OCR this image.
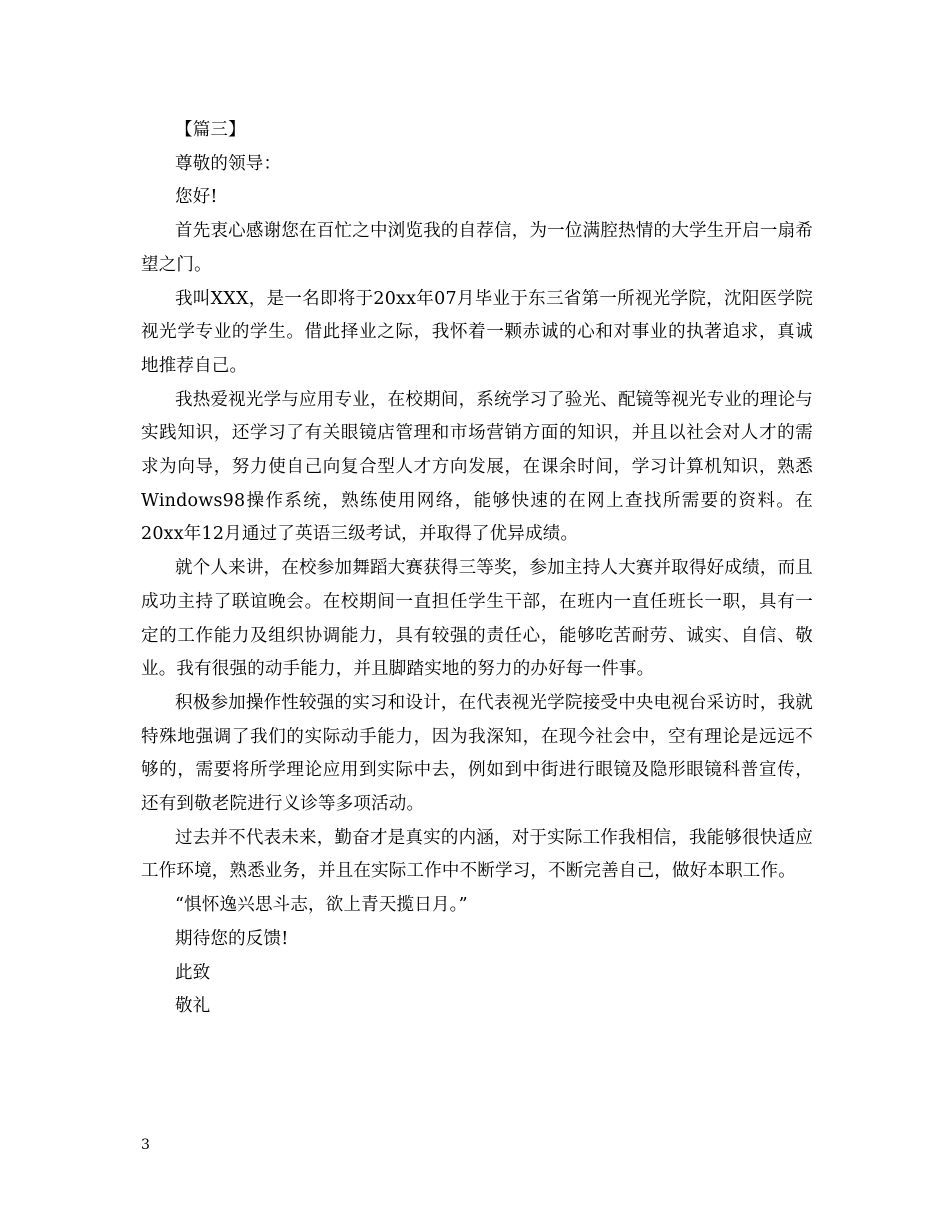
【篇三】

尊敬的领导：

您好!

首先衷心感谢您在百忙之中浏览我的自荐信，为一位满腔热情的大学生开启一扇希望之门。

我叫XXX，是一名即将于20xx年07月毕业于东三省第一所视光学院，沈阳医学院视光学专业的学生。借此择业之际，我怀着一颗赤诚的心和对事业的执著追求，真诚地推荐自己。

我热爱视光学与应用专业，在校期间，系统学习了验光、配镜等视光专业的理论与实践知识，还学习了有关眼镜店管理和市场营销方面的知识，并且以社会对人才的需求为向导，努力使自己向复合型人才方向发展，在课余时间，学习计算机知识，熟悉Windows98操作系统，熟练使用网络，能够快速的在网上查找所需要的资料。在20xx年12月通过了英语三级考试，并取得了优异成绩。

就个人来讲，在校参加舞蹈大赛获得三等奖，参加主持人大赛并取得好成绩，而且成功主持了联谊晚会。在校期间一直担任学生干部，在班内一直任班长一职，具有一定的工作能力及组织协调能力，具有较强的责任心，能够吃苦耐劳、诚实、自信、敬业。我有很强的动手能力，并且脚踏实地的努力的办好每一件事。

积极参加操作性较强的实习和设计，在代表视光学院接受中央电视台采访时，我就特殊地强调了我们的实际动手能力，因为我深知，在现今社会中，空有理论是远远不够的，需要将所学理论应用到实际中去，例如到中街进行眼镜及隐形眼镜科普宣传，还有到敬老院进行义诊等多项活动。

过去并不代表未来，勤奋才是真实的内涵，对于实际工作我相信，我能够很快适应工作环境，熟悉业务，并且在实际工作中不断学习，不断完善自己，做好本职工作。

“惧怀逸兴思斗志，欲上青天揽日月。”

期待您的反馈!

此致

敬礼

3
